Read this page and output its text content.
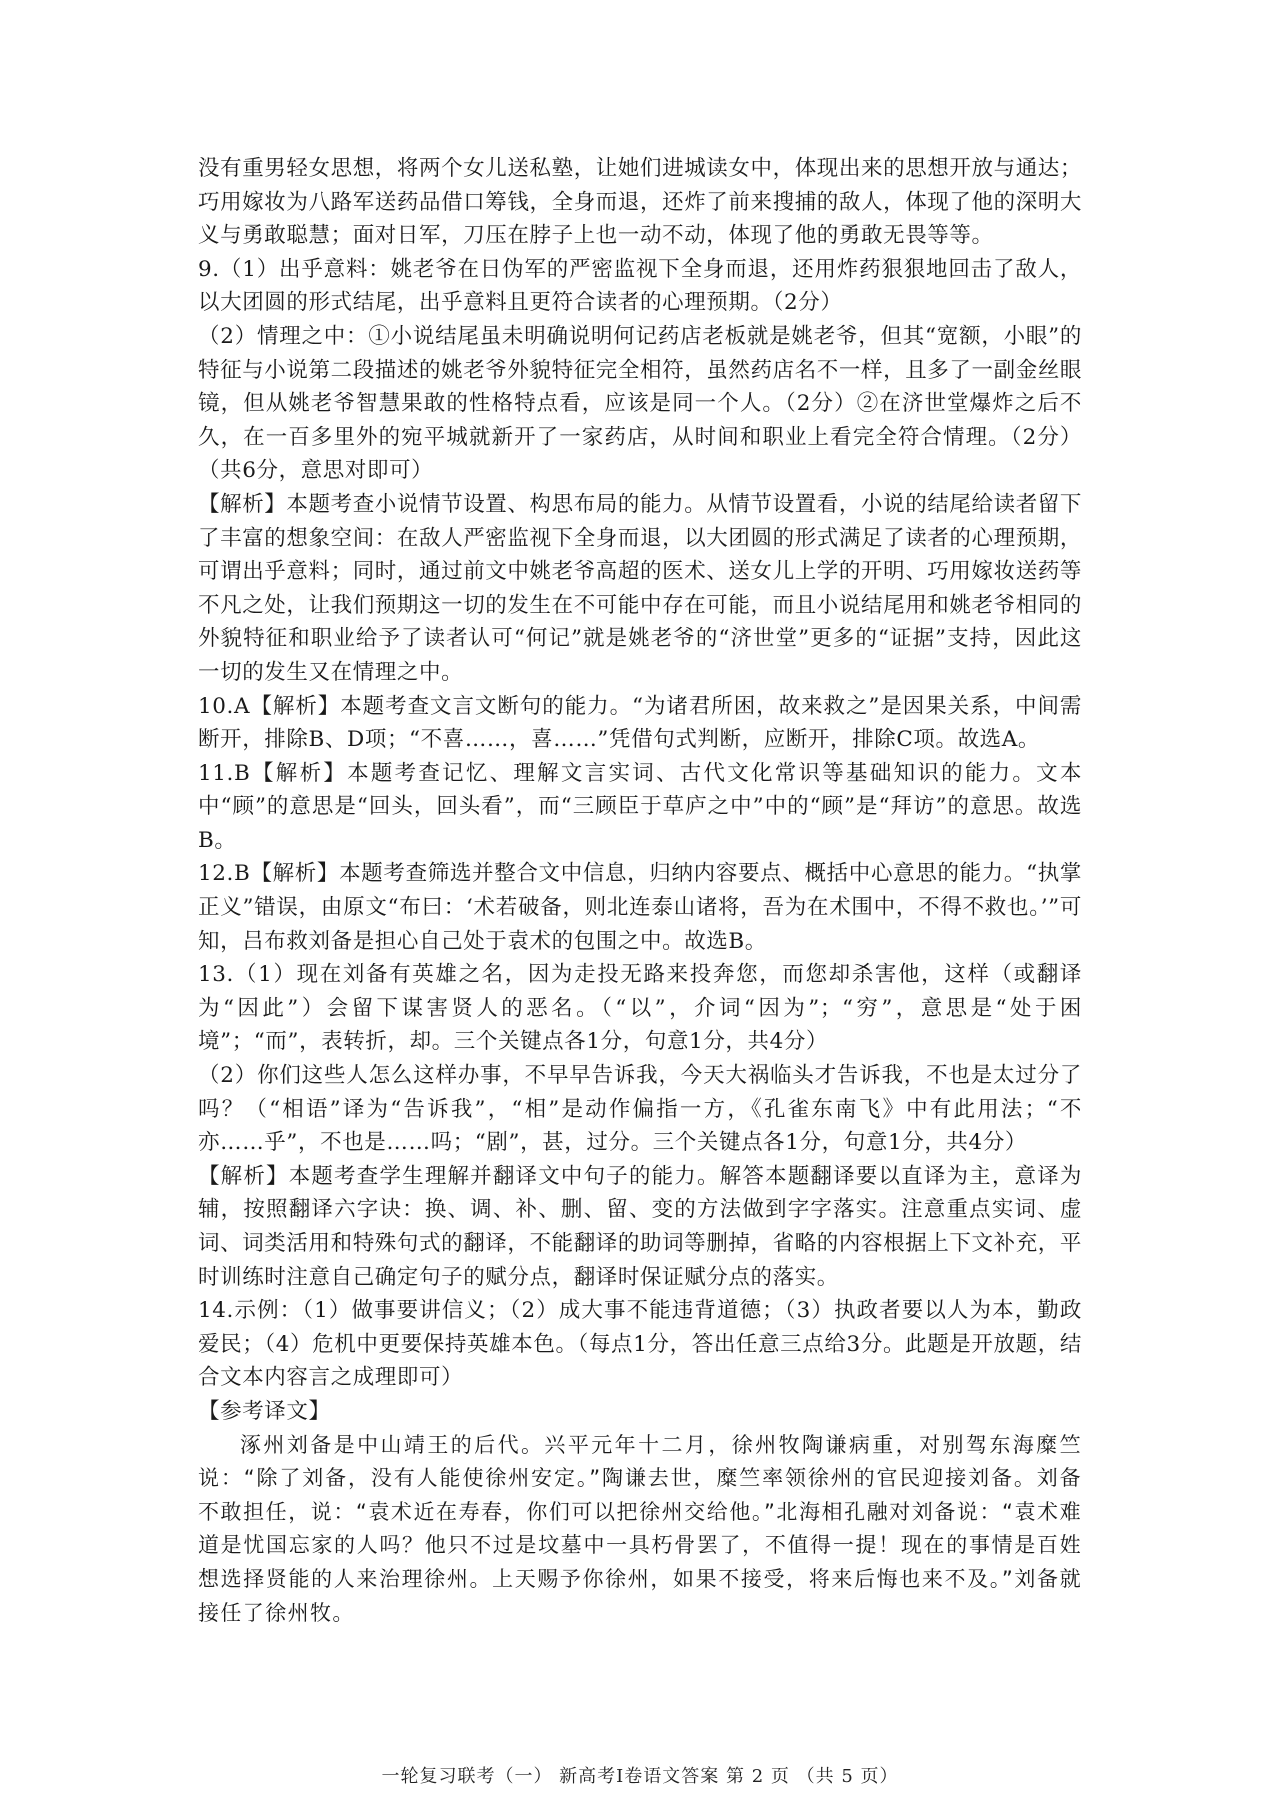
没有重男轻女思想，将两个女儿送私塾，让她们进城读女中，体现出来的思想开放与通达；巧用嫁妆为八路军送药品借口筹钱，全身而退，还炸了前来搜捕的敌人，体现了他的深明大义与勇敢聪慧；面对日军，刀压在脖子上也一动不动，体现了他的勇敢无畏等等。

9.（1）出乎意料：姚老爷在日伪军的严密监视下全身而退，还用炸药狠狠地回击了敌人，以大团圆的形式结尾，出乎意料且更符合读者的心理预期。（2分）

（2）情理之中：①小说结尾虽未明确说明何记药店老板就是姚老爷，但其“宽额，小眼”的特征与小说第二段描述的姚老爷外貌特征完全相符，虽然药店名不一样，且多了一副金丝眼镜，但从姚老爷智慧果敢的性格特点看，应该是同一个人。（2分）②在济世堂爆炸之后不久，在一百多里外的宛平城就新开了一家药店，从时间和职业上看完全符合情理。（2分）（共6分，意思对即可）

【解析】本题考查小说情节设置、构思布局的能力。从情节设置看，小说的结尾给读者留下了丰富的想象空间：在敌人严密监视下全身而退，以大团圆的形式满足了读者的心理预期，可谓出乎意料；同时，通过前文中姚老爷高超的医术、送女儿上学的开明、巧用嫁妆送药等不凡之处，让我们预期这一切的发生在不可能中存在可能，而且小说结尾用和姚老爷相同的外貌特征和职业给予了读者认可“何记”就是姚老爷的“济世堂”更多的“证据”支持，因此这一切的发生又在情理之中。

10.A【解析】本题考查文言文断句的能力。“为诸君所困，故来救之”是因果关系，中间需断开，排除B、D项；“不喜……，喜……”凭借句式判断，应断开，排除C项。故选A。

11.B【解析】本题考查记忆、理解文言实词、古代文化常识等基础知识的能力。文本中“顾”的意思是“回头，回头看”，而“三顾臣于草庐之中”中的“顾”是“拜访”的意思。故选B。

12.B【解析】本题考查筛选并整合文中信息，归纳内容要点、概括中心意思的能力。“执掌正义”错误，由原文“布曰：‘术若破备，则北连泰山诸将，吾为在术围中，不得不救也。’”可知，吕布救刘备是担心自己处于袁术的包围之中。故选B。

13.（1）现在刘备有英雄之名，因为走投无路来投奔您，而您却杀害他，这样（或翻译为“因此”）会留下谋害贤人的恶名。（“以”，介词“因为”；“穷”，意思是“处于困境”；“而”，表转折，却。三个关键点各1分，句意1分，共4分）

（2）你们这些人怎么这样办事，不早早告诉我，今天大祸临头才告诉我，不也是太过分了吗？（“相语”译为“告诉我”，“相”是动作偏指一方，《孔雀东南飞》中有此用法；“不亦……乎”，不也是……吗；“剧”，甚，过分。三个关键点各1分，句意1分，共4分）

【解析】本题考查学生理解并翻译文中句子的能力。解答本题翻译要以直译为主，意译为辅，按照翻译六字诀：换、调、补、删、留、变的方法做到字字落实。注意重点实词、虚词、词类活用和特殊句式的翻译，不能翻译的助词等删掉，省略的内容根据上下文补充，平时训练时注意自己确定句子的赋分点，翻译时保证赋分点的落实。

14.示例：（1）做事要讲信义；（2）成大事不能违背道德；（3）执政者要以人为本，勤政爱民；（4）危机中更要保持英雄本色。（每点1分，答出任意三点给3分。此题是开放题，结合文本内容言之成理即可）

【参考译文】

涿州刘备是中山靖王的后代。兴平元年十二月，徐州牧陶谦病重，对别驾东海糜竺说：“除了刘备，没有人能使徐州安定。”陶谦去世，糜竺率领徐州的官民迎接刘备。刘备不敢担任，说：“袁术近在寿春，你们可以把徐州交给他。”北海相孔融对刘备说：“袁术难道是忧国忘家的人吗？他只不过是坟墓中一具朽骨罢了，不值得一提！现在的事情是百姓想选择贤能的人来治理徐州。上天赐予你徐州，如果不接受，将来后悔也来不及。”刘备就接任了徐州牧。

一轮复习联考（一） 新高考Ⅰ卷语文答案 第 2 页 （共 5 页）
